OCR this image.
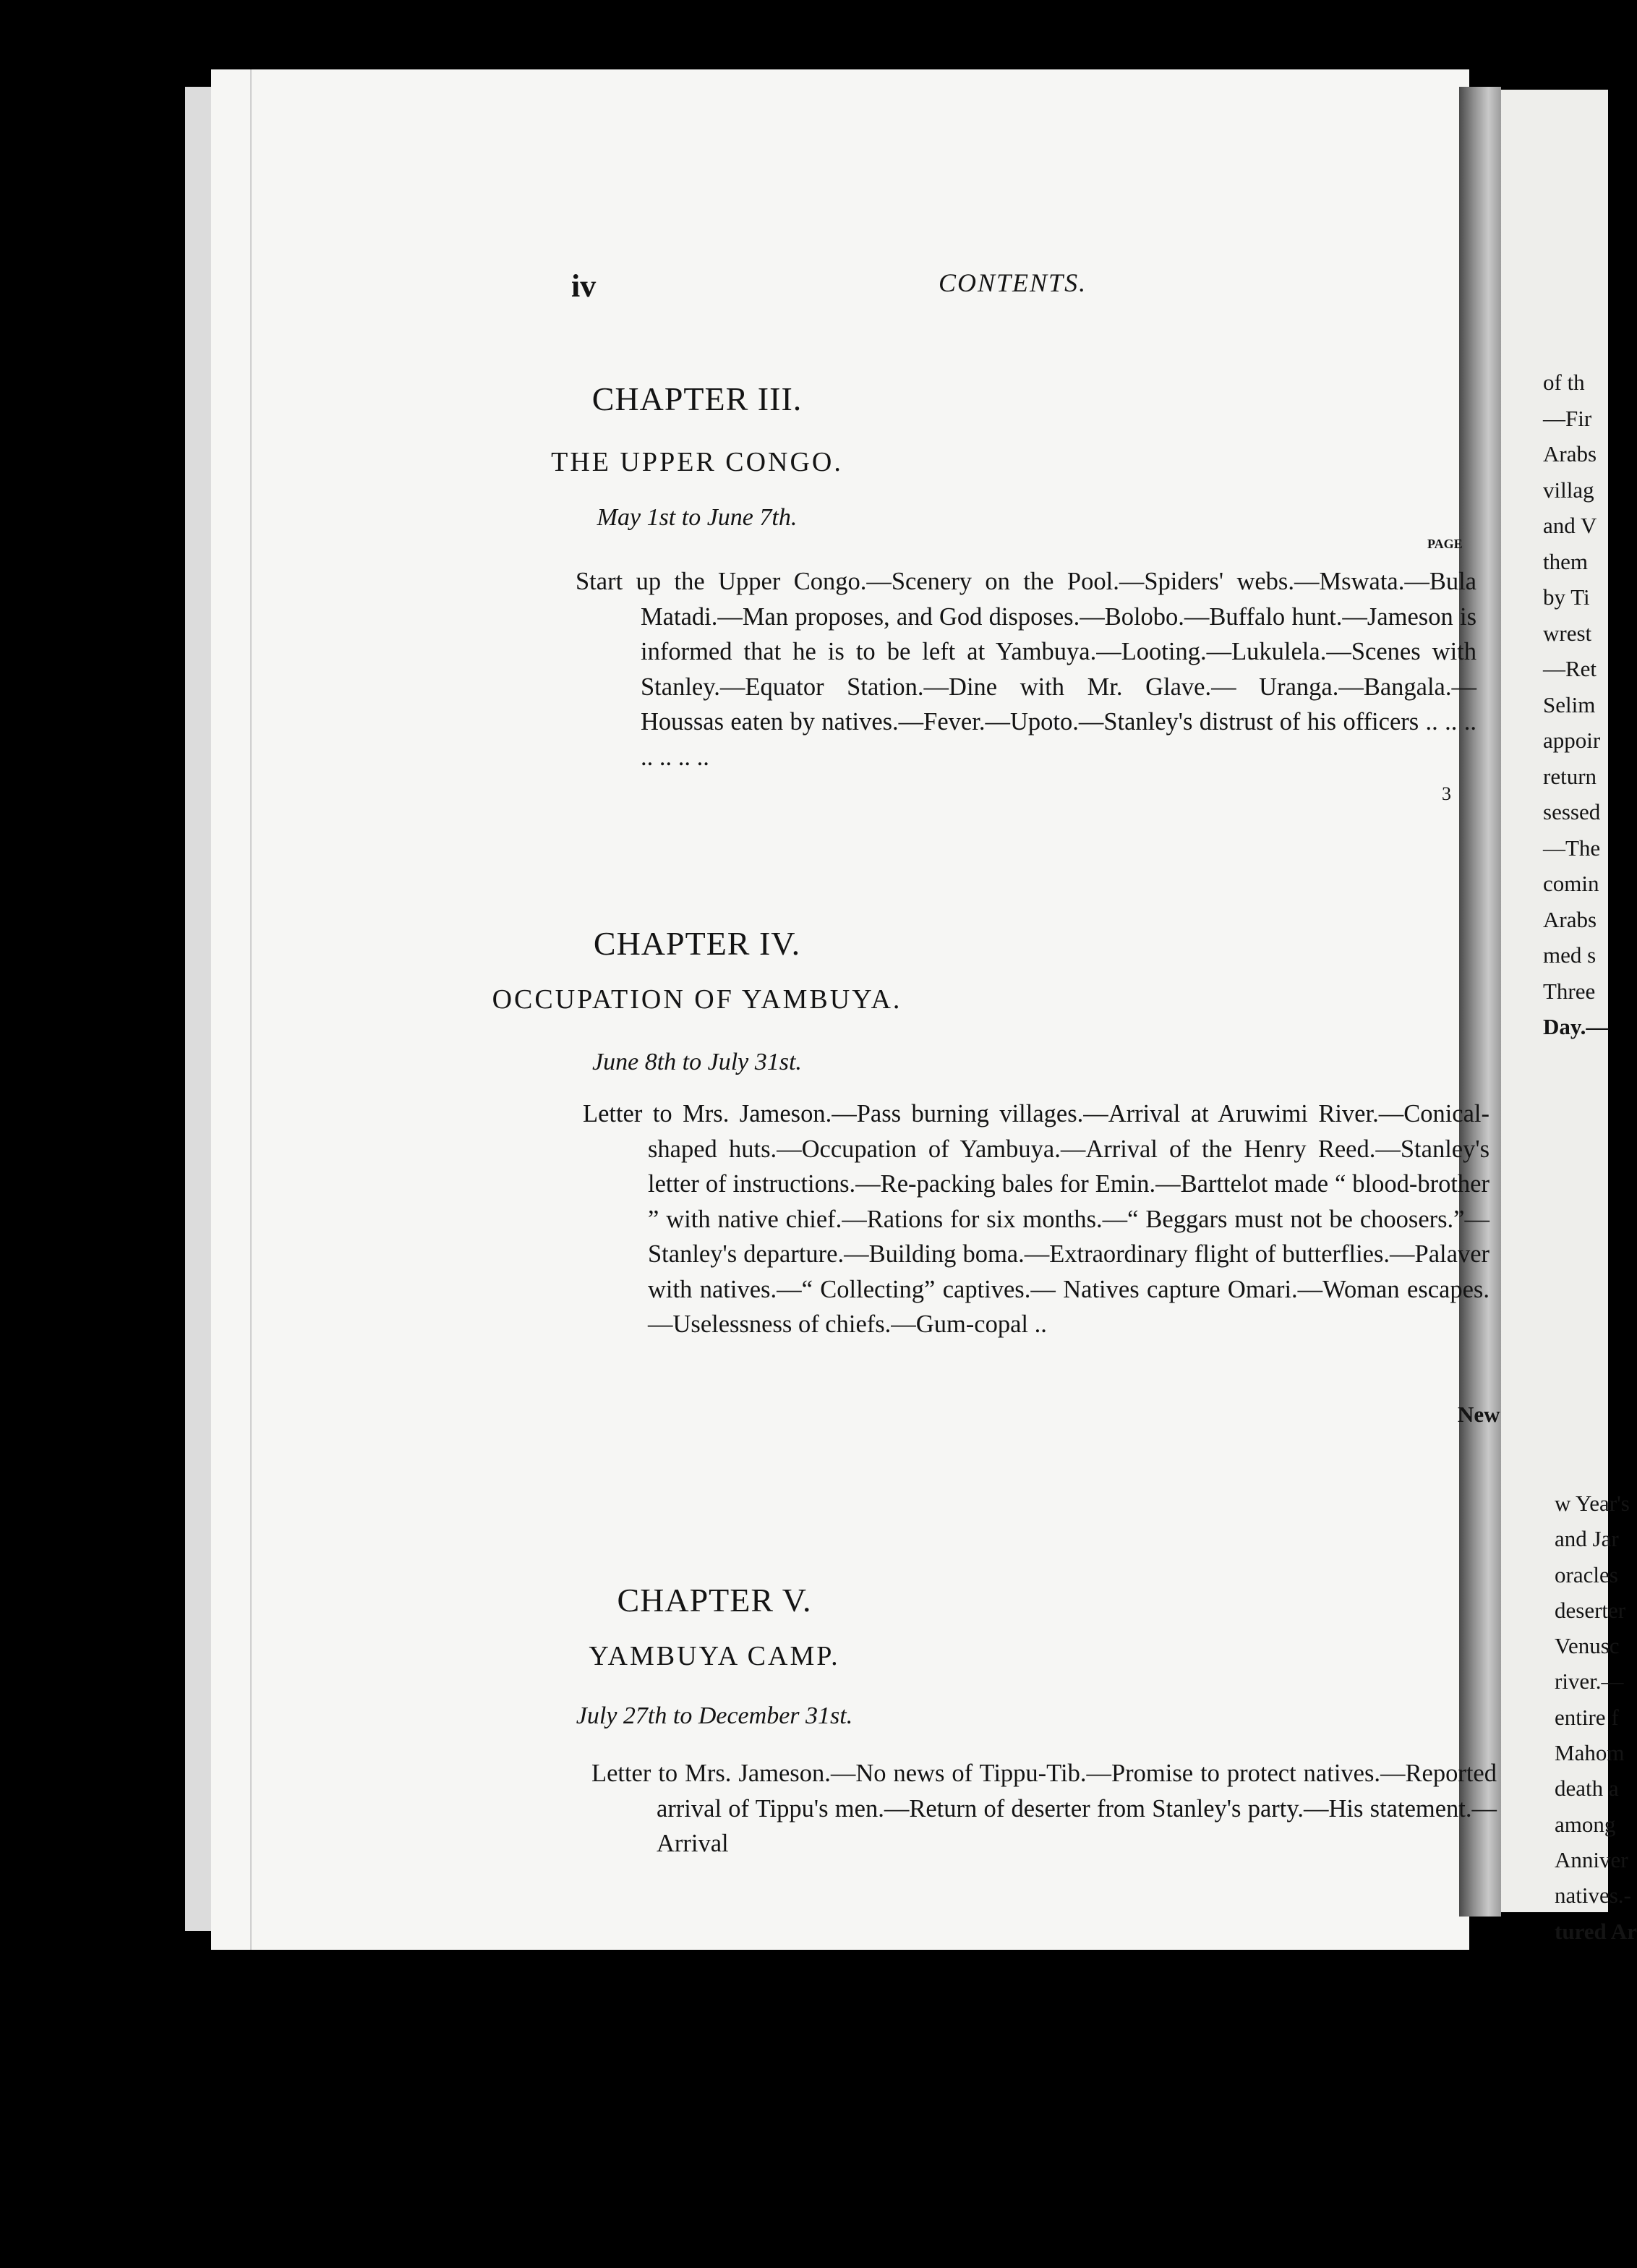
of th
—Fir
Arabs
villag
and V
them
by Ti
wrest
—Ret
Selim
appoir
return
sessed
—The
comin
Arabs
med s
Three
Day.—
w Year's
and Jar
oracles
deserter
Venusc
river.—
entire f
Mahom
death a
among
Anniver
natives.-
tured Ar
New
iv	CONTENTS.
PAGE
CHAPTER III.
THE UPPER CONGO.
May 1st to June 7th.

Start up the Upper Congo.—Scenery on the Pool.—Spiders' webs.—Mswata.—Bula Matadi.—Man proposes, and God disposes.—Bolobo.—Buffalo hunt.—Jameson is informed that he is to be left at Yambuya.—Looting.—Lukulela.—Scenes with Stanley.—Equator Station.—Dine with Mr. Glave.— Uranga.—Bangala.—Houssas eaten by natives.—Fever.—Upoto.—Stanley's distrust of his officers .. .. .. .. .. .. ..

3
CHAPTER IV.
OCCUPATION OF YAMBUYA.
June 8th to July 31st.

Letter to Mrs. Jameson.—Pass burning villages.—Arrival at Aruwimi River.—Conical-shaped huts.—Occupation of Yambuya.—Arrival of the Henry Reed.—Stanley's letter of instructions.—Re-packing bales for Emin.—Barttelot made “ blood-brother ” with native chief.—Rations for six months.—“ Beggars must not be choosers.”—Stanley's departure.—Building boma.—Extraordinary flight of butterflies.—Palaver with natives.—“ Collecting” captives.— Natives capture Omari.—Woman escapes.—Uselessness of chiefs.—Gum-copal ..

CHAPTER V.
YAMBUYA CAMP.
July 27th to December 31st.

Letter to Mrs. Jameson.—No news of Tippu-Tib.—Promise to protect natives.—Reported arrival of Tippu's men.—Return of deserter from Stanley's party.—His statement.—Arrival
